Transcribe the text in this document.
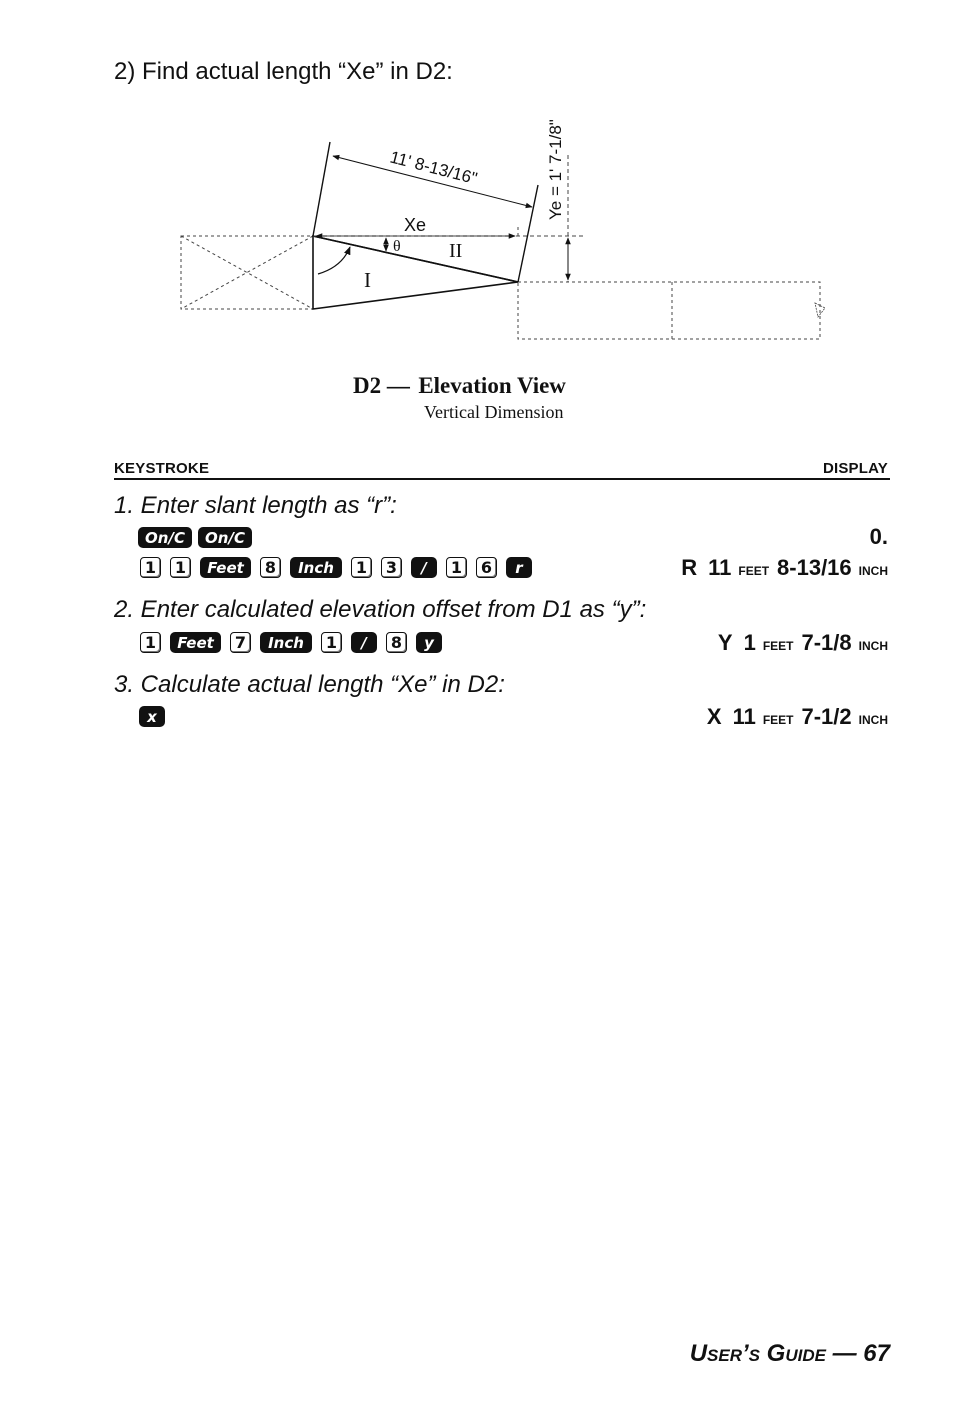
2) Find actual length “Xe” in D2:
11' 8-13/16"	Ye = 1' 7-1/8"
Xe
θ
I
II
D2 — Elevation View
Vertical Dimension
KEYSTROKE	DISPLAY
1. Enter slant length as “r”:
On/C	On/C	0.
1	1	Feet	8	Inch	1	3	/	1	6	r	R 11 feet 8-13/16 inch
2. Enter calculated elevation offset from D1 as “y”:
1	Feet	7	Inch	1	/	8	y	Y 1 feet 7-1/8 inch
3. Calculate actual length “Xe” in D2:
x	X 11 feet 7-1/2 inch
User’s Guide — 67
